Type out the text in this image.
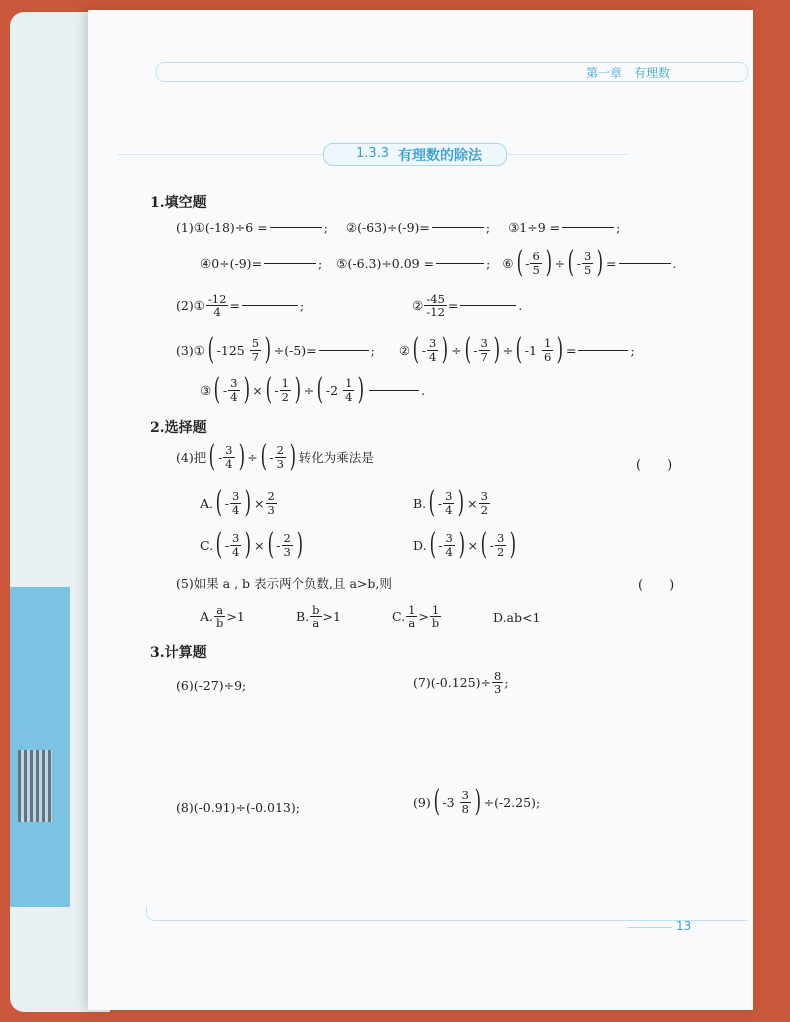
第一章　有理数
1.3.3 有理数的除法
1.填空题
(1) ①(-18)÷6 =	; ②(-63)÷(-9)=	; ③1÷9 =	;
④0÷(-9)=	; ⑤(-6.3)÷0.09 =	; ⑥ ( - $\frac{6}{5}$ ) ÷ ( - $\frac{3}{5}$ ) =	.
(2)① $\frac{-12}{4}$ =	;	② $\frac{-45}{-12}$ =	.
(3)① ( -125
$\frac{5}{7}$ ) ÷(-5)=	; ② ( - $\frac{3}{4}$ ) ÷ ( - $\frac{3}{7}$ ) ÷ ( -1
$\frac{1}{6}$ ) =	;
③ ( - $\frac{3}{4}$ ) × ( - $\frac{1}{2}$ ) ÷ ( -2
$\frac{1}{4}$ )	.
2.选择题
(4)把 ( - $\frac{3}{4}$ ) ÷ ( - $\frac{2}{3}$ ) 转化为乘法是
(　　)
A. ( - $\frac{3}{4}$ ) × $\frac{2}{3}$	B. ( - $\frac{3}{4}$ ) × $\frac{3}{2}$
C. ( - $\frac{3}{4}$ ) × ( - $\frac{2}{3}$ )	D. ( - $\frac{3}{4}$ ) × ( - $\frac{3}{2}$ )
(5)如果 a , b 表示两个负数,且 a>b,则	(　　)
A. $\frac{a}{b} >1$	B. $\frac{b}{a} >1$	C. $\frac{1}{a} > \frac{1}{b}$	D.ab<1
3.计算题
(6)(-27)÷9;	$(7)(-0.125)\div \frac{8}{3}$ ;
(8)(-0.91)÷(-0.013);	(9) ( -3
$\frac{3}{8}$ ) ÷(-2.25);
13
